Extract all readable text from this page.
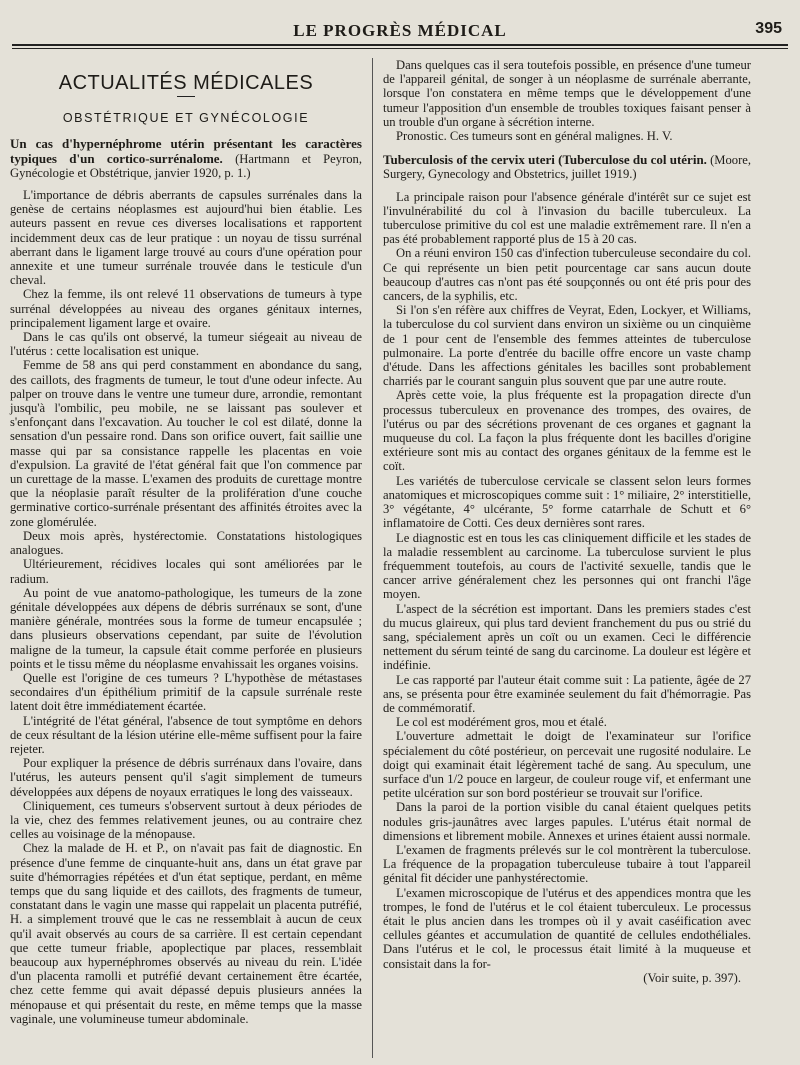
LE PROGRÈS MÉDICAL	395
ACTUALITÉS MÉDICALES
OBSTÉTRIQUE ET GYNÉCOLOGIE

Un cas d'hypernéphrome utérin présentant les caractères typiques d'un cortico-surrénalome. (Hartmann et Peyron, Gynécologie et Obstétrique, janvier 1920, p. 1.)

L'importance de débris aberrants de capsules surrénales dans la genèse de certains néoplasmes est aujourd'hui bien établie. Les auteurs passent en revue ces diverses localisations et rapportent incidemment deux cas de leur pratique : un noyau de tissu surrénal aberrant dans le ligament large trouvé au cours d'une opération pour annexite et une tumeur surrénale trouvée dans le testicule d'un cheval.

Chez la femme, ils ont relevé 11 observations de tumeurs à type surrénal développées au niveau des organes génitaux internes, principalement ligament large et ovaire.

Dans le cas qu'ils ont observé, la tumeur siégeait au niveau de l'utérus : cette localisation est unique.

Femme de 58 ans qui perd constamment en abondance du sang, des caillots, des fragments de tumeur, le tout d'une odeur infecte. Au palper on trouve dans le ventre une tumeur dure, arrondie, remontant jusqu'à l'ombilic, peu mobile, ne se laissant pas soulever et s'enfonçant dans l'excavation. Au toucher le col est dilaté, donne la sensation d'un pessaire rond. Dans son orifice ouvert, fait saillie une masse qui par sa consistance rappelle les placentas en voie d'expulsion. La gravité de l'état général fait que l'on commence par un curettage de la masse. L'examen des produits de curettage montre que la néoplasie paraît résulter de la prolifération d'une couche germinative cortico-surrénale présentant des affinités étroites avec la zone glomérulée.

Deux mois après, hystérectomie. Constatations histologiques analogues.

Ultérieurement, récidives locales qui sont améliorées par le radium.

Au point de vue anatomo-pathologique, les tumeurs de la zone génitale développées aux dépens de débris surrénaux se sont, d'une manière générale, montrées sous la forme de tumeur encapsulée ; dans plusieurs observations cependant, par suite de l'évolution maligne de la tumeur, la capsule était comme perforée en plusieurs points et le tissu même du néoplasme envahissait les organes voisins.

Quelle est l'origine de ces tumeurs ? L'hypothèse de métastases secondaires d'un épithélium primitif de la capsule surrénale reste latent doit être immédiatement écartée.

L'intégrité de l'état général, l'absence de tout symptôme en dehors de ceux résultant de la lésion utérine elle-même suffisent pour la faire rejeter.

Pour expliquer la présence de débris surrénaux dans l'ovaire, dans l'utérus, les auteurs pensent qu'il s'agit simplement de tumeurs développées aux dépens de noyaux erratiques le long des vaisseaux.

Cliniquement, ces tumeurs s'observent surtout à deux périodes de la vie, chez des femmes relativement jeunes, ou au contraire chez celles au voisinage de la ménopause.

Chez la malade de H. et P., on n'avait pas fait de diagnostic. En présence d'une femme de cinquante-huit ans, dans un état grave par suite d'hémorragies répétées et d'un état septique, perdant, en même temps que du sang liquide et des caillots, des fragments de tumeur, constatant dans le vagin une masse qui rappelait un placenta putréfié, H. a simplement trouvé que le cas ne ressemblait à aucun de ceux qu'il avait observés au cours de sa carrière. Il est certain cependant que cette tumeur friable, apoplectique par places, ressemblait beaucoup aux hypernéphromes observés au niveau du rein. L'idée d'un placenta ramolli et putréfié devant certainement être écartée, chez cette femme qui avait dépassé depuis plusieurs années la ménopause et qui présentait du reste, en même temps que la masse vaginale, une volumineuse tumeur abdominale.

Dans quelques cas il sera toutefois possible, en présence d'une tumeur de l'appareil génital, de songer à un néoplasme de surrénale aberrante, lorsque l'on constatera en même temps que le développement d'une tumeur l'apposition d'un ensemble de troubles toxiques faisant penser à un trouble d'un organe à sécrétion interne.

Pronostic. Ces tumeurs sont en général malignes. H. V.

Tuberculosis of the cervix uteri (Tuberculose du col utérin. (Moore, Surgery, Gynecology and Obstetrics, juillet 1919.)

La principale raison pour l'absence générale d'intérêt sur ce sujet est l'invulnérabilité du col à l'invasion du bacille tuberculeux. La tuberculose primitive du col est une maladie extrêmement rare. Il n'en a pas été probablement rapporté plus de 15 à 20 cas.

On a réuni environ 150 cas d'infection tuberculeuse secondaire du col. Ce qui représente un bien petit pourcentage car sans aucun doute beaucoup d'autres cas n'ont pas été soupçonnés ou ont été pris pour des cancers, de la syphilis, etc.

Si l'on s'en réfère aux chiffres de Veyrat, Eden, Lockyer, et Williams, la tuberculose du col survient dans environ un sixième ou un cinquième de 1 pour cent de l'ensemble des femmes atteintes de tuberculose pulmonaire. La porte d'entrée du bacille offre encore un vaste champ d'étude. Dans les affections génitales les bacilles sont probablement charriés par le courant sanguin plus souvent que par une autre route.

Après cette voie, la plus fréquente est la propagation directe d'un processus tuberculeux en provenance des trompes, des ovaires, de l'utérus ou par des sécrétions provenant de ces organes et gagnant la muqueuse du col. La façon la plus fréquente dont les bacilles d'origine extérieure sont mis au contact des organes génitaux de la femme est le coït.

Les variétés de tuberculose cervicale se classent selon leurs formes anatomiques et microscopiques comme suit : 1° miliaire, 2° interstitielle, 3° végétante, 4° ulcérante, 5° forme catarrhale de Schutt et 6° inflamatoire de Cotti. Ces deux dernières sont rares.

Le diagnostic est en tous les cas cliniquement difficile et les stades de la maladie ressemblent au carcinome. La tuberculose survient le plus fréquemment toutefois, au cours de l'activité sexuelle, tandis que le cancer arrive généralement chez les personnes qui ont franchi l'âge moyen.

L'aspect de la sécrétion est important. Dans les premiers stades c'est du mucus glaireux, qui plus tard devient franchement du pus ou strié du sang, spécialement après un coït ou un examen. Ceci le différencie nettement du sérum teinté de sang du carcinome. La douleur est légère et indéfinie.

Le cas rapporté par l'auteur était comme suit : La patiente, âgée de 27 ans, se présenta pour être examinée seulement du fait d'hémorragie. Pas de commémoratif.

Le col est modérément gros, mou et étalé.

L'ouverture admettait le doigt de l'examinateur sur l'orifice spécialement du côté postérieur, on percevait une rugosité nodulaire. Le doigt qui examinait était légèrement taché de sang. Au speculum, une surface d'un 1/2 pouce en largeur, de couleur rouge vif, et enfermant une petite ulcération sur son bord postérieur se trouvait sur l'orifice.

Dans la paroi de la portion visible du canal étaient quelques petits nodules gris-jaunâtres avec larges papules. L'utérus était normal de dimensions et librement mobile. Annexes et urines étaient aussi normale.

L'examen de fragments prélevés sur le col montrèrent la tuberculose. La fréquence de la propagation tuberculeuse tubaire à tout l'appareil génital fit décider une panhystérectomie.

L'examen microscopique de l'utérus et des appendices montra que les trompes, le fond de l'utérus et le col étaient tuberculeux. Le processus était le plus ancien dans les trompes où il y avait caséification avec cellules géantes et accumulation de quantité de cellules endothéliales. Dans l'utérus et le col, le processus était limité à la muqueuse et consistait dans la for-

(Voir suite, p. 397).
